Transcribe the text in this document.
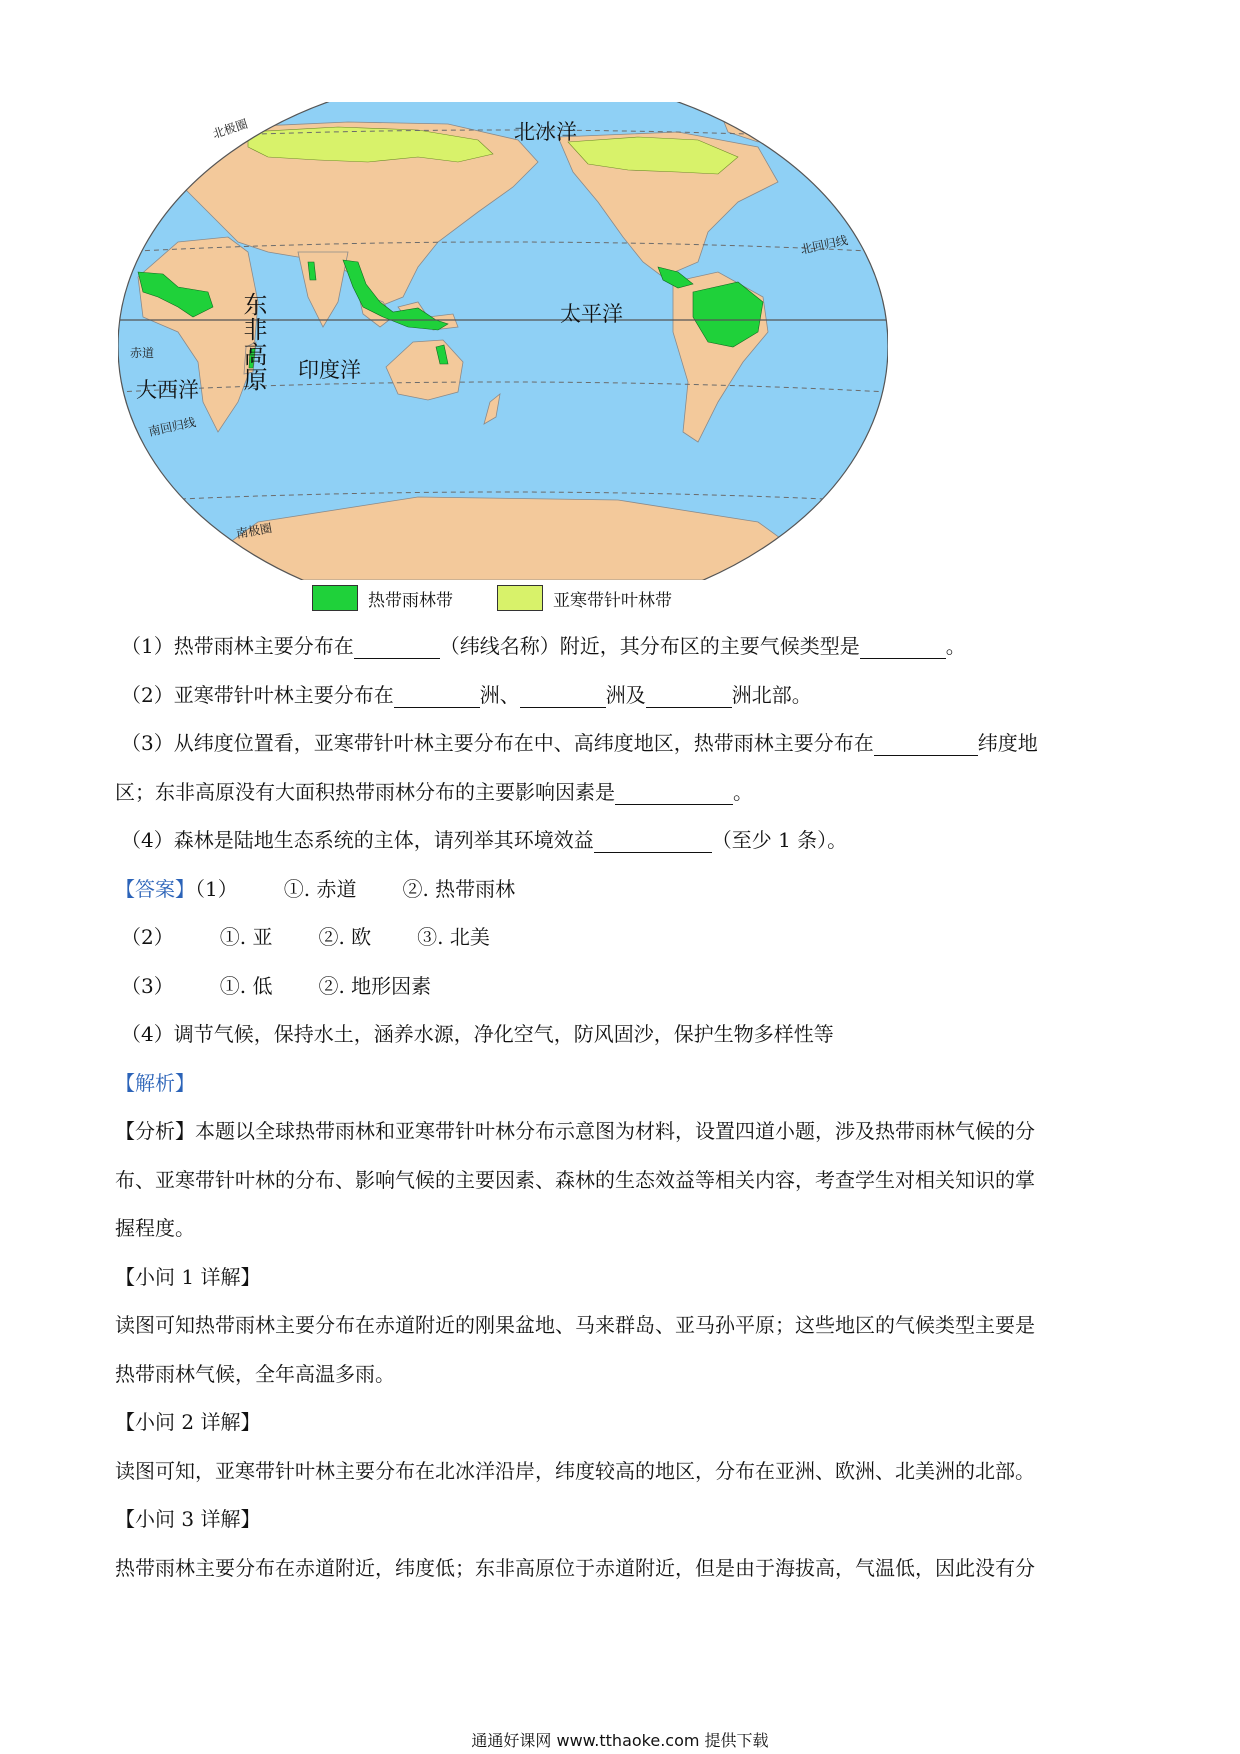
北冰洋
太平洋
印度洋
大西洋 东非高原
北极圈
北回归线
赤道
南回归线
南极圈
热带雨林带	亚寒带针叶林带
（1）热带雨林主要分布在	（纬线名称）附近，其分布区的主要气候类型是	。
（2）亚寒带针叶林主要分布在	洲、	洲及	洲北部。
（3）从纬度位置看，亚寒带针叶林主要分布在中、高纬度地区，热带雨林主要分布在	纬度地
区；东非高原没有大面积热带雨林分布的主要影响因素是	。
（4）森林是陆地生态系统的主体，请列举其环境效益	（至少 1 条）。
【答案】（1） ①. 赤道 ②. 热带雨林
（2） ①. 亚 ②. 欧 ③. 北美
（3） ①. 低 ②. 地形因素
（4）调节气候，保持水土，涵养水源，净化空气，防风固沙，保护生物多样性等
【解析】
【分析】本题以全球热带雨林和亚寒带针叶林分布示意图为材料，设置四道小题，涉及热带雨林气候的分
布、亚寒带针叶林的分布、影响气候的主要因素、森林的生态效益等相关内容，考查学生对相关知识的掌
握程度。
【小问 1 详解】
读图可知热带雨林主要分布在赤道附近的刚果盆地、马来群岛、亚马孙平原；这些地区的气候类型主要是
热带雨林气候，全年高温多雨。
【小问 2 详解】
读图可知，亚寒带针叶林主要分布在北冰洋沿岸，纬度较高的地区，分布在亚洲、欧洲、北美洲的北部。
【小问 3 详解】
热带雨林主要分布在赤道附近，纬度低；东非高原位于赤道附近，但是由于海拔高，气温低，因此没有分
通通好课网 www.tthaoke.com 提供下载
